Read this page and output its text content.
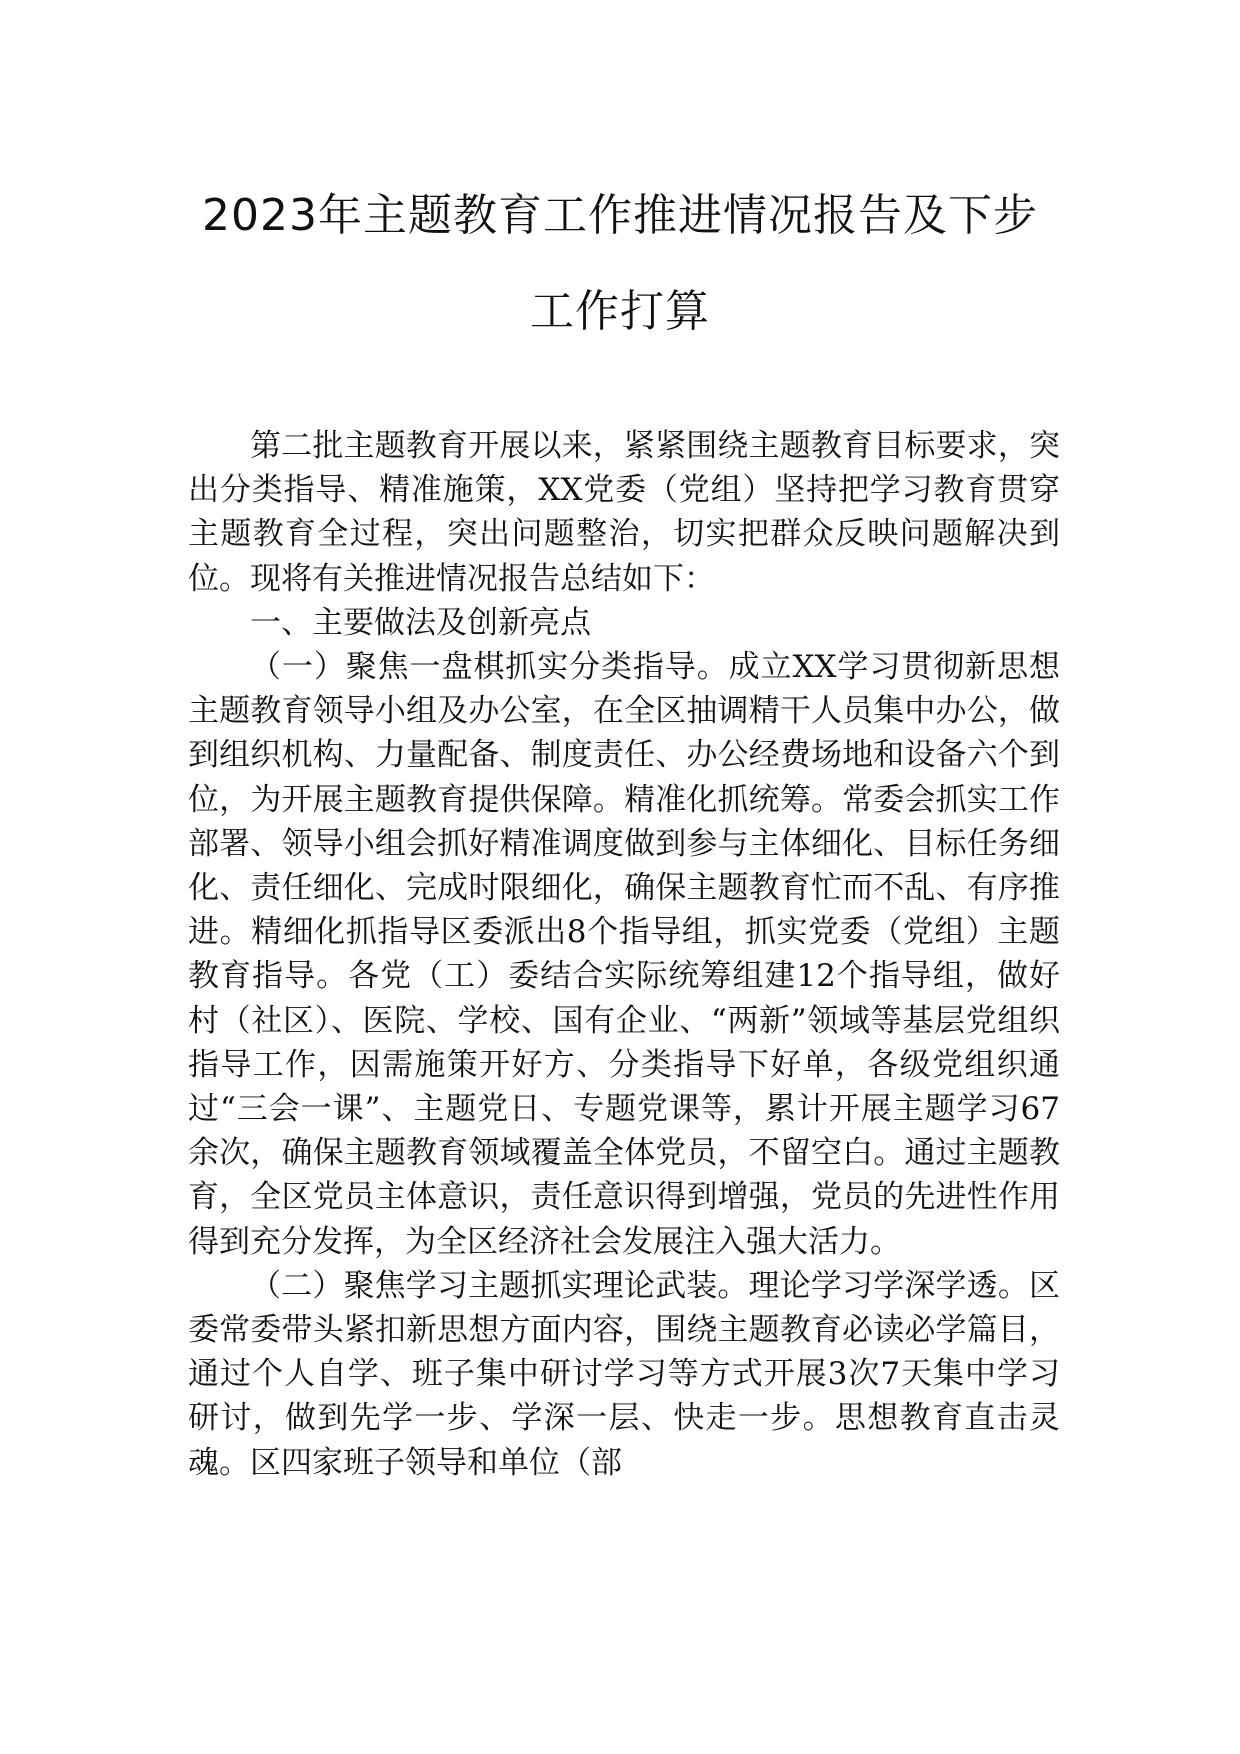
2023年主题教育工作推进情况报告及下步
工作打算

第二批主题教育开展以来，紧紧围绕主题教育目标要求，突出分类指导、精准施策，XX党委（党组）坚持把学习教育贯穿主题教育全过程，突出问题整治，切实把群众反映问题解决到位。现将有关推进情况报告总结如下：

一、主要做法及创新亮点

（一）聚焦一盘棋抓实分类指导。成立XX学习贯彻新思想主题教育领导小组及办公室，在全区抽调精干人员集中办公，做到组织机构、力量配备、制度责任、办公经费场地和设备六个到位，为开展主题教育提供保障。精准化抓统筹。常委会抓实工作部署、领导小组会抓好精准调度做到参与主体细化、目标任务细化、责任细化、完成时限细化，确保主题教育忙而不乱、有序推进。精细化抓指导区委派出8个指导组，抓实党委（党组）主题教育指导。各党（工）委结合实际统筹组建12个指导组，做好村（社区）、医院、学校、国有企业、“两新”领域等基层党组织指导工作，因需施策开好方、分类指导下好单，各级党组织通过“三会一课”、主题党日、专题党课等，累计开展主题学习67余次，确保主题教育领域覆盖全体党员，不留空白。通过主题教育，全区党员主体意识，责任意识得到增强，党员的先进性作用得到充分发挥，为全区经济社会发展注入强大活力。

（二）聚焦学习主题抓实理论武装。理论学习学深学透。区委常委带头紧扣新思想方面内容，围绕主题教育必读必学篇目，通过个人自学、班子集中研讨学习等方式开展3次7天集中学习研讨，做到先学一步、学深一层、快走一步。思想教育直击灵魂。区四家班子领导和单位（部
